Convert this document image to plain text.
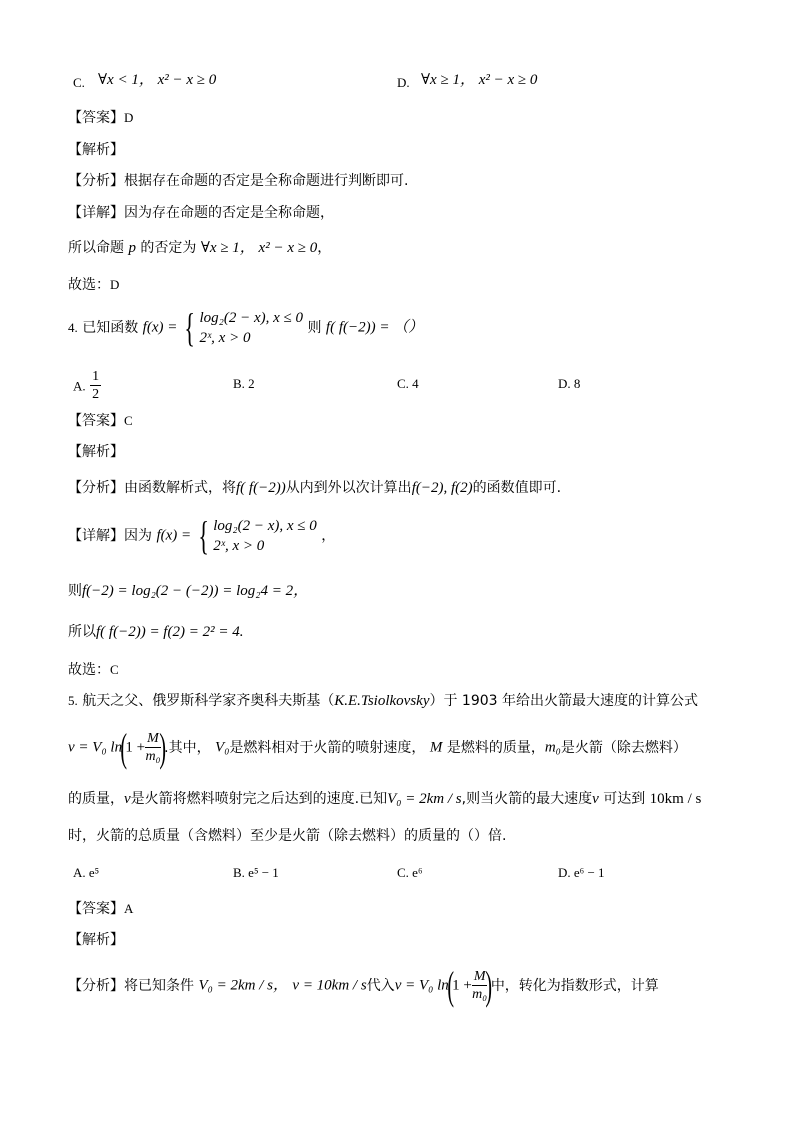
C. ∀x < 1， x² − x ≥ 0	D. ∀x ≥ 1， x² − x ≥ 0
【答案】D
【解析】
【分析】根据存在命题的否定是全称命题进行判断即可.
【详解】因为存在命题的否定是全称命题，
所以命题 p 的否定为 ∀x ≥ 1， x² − x ≥ 0，
故选：D
4. 已知函数 f(x) = { log₂(2 − x), x ≤ 0
2ˣ, x > 0
则 f( f(−2)) = （）
A. $\frac{1}{2}$	B. 2	C. 4	D. 8
【答案】C
【解析】
【分析】由函数解析式，将f( f(−2))从内到外以次计算出f(−2), f(2)的函数值即可.
【详解】因为 f(x) = { log₂(2 − x), x ≤ 0
2ˣ, x > 0
，
则f(−2) = log₂(2 − (−2)) = log₂4 = 2，
所以f( f(−2)) = f(2) = 2² = 4.
故选：C
5. 航天之父、俄罗斯科学家齐奥科夫斯基（K.E.Tsiolkovsky）于 1903 年给出火箭最大速度的计算公式
v = V₀ $\ln(1 + \frac{M}{\text{m₀}}$
).其中， V₀是燃料相对于火箭的喷射速度， M 是燃料的质量，m₀是火箭（除去燃料）
的质量，v是火箭将燃料喷射完之后达到的速度.已知V₀ = 2km / s,则当火箭的最大速度v 可达到 10km / s
时，火箭的总质量（含燃料）至少是火箭（除去燃料）的质量的（）倍.
A. e⁵	B. e⁵ − 1	C. e⁶	D. e⁶ − 1
【答案】A
【解析】
【分析】将已知条件 V₀ = 2km / s， v = 10km / s代入v = V₀ $\ln(1 + \frac{M}{\text{m₀}}$
)中，转化为指数形式，计算
